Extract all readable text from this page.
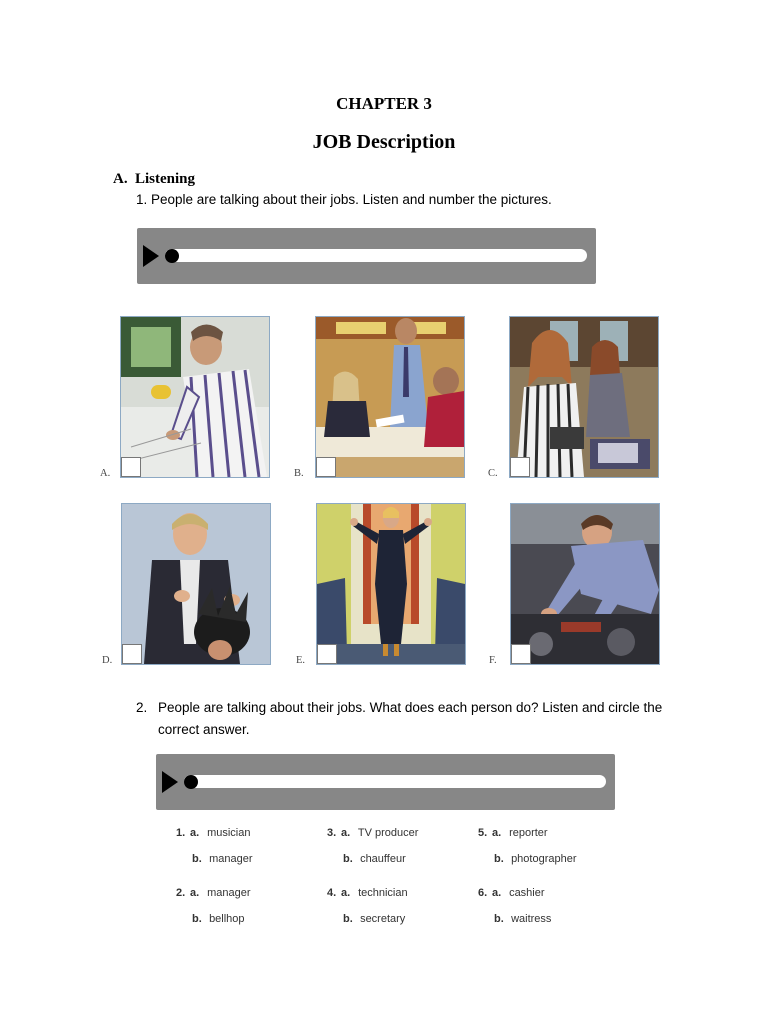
CHAPTER 3
JOB Description
A. Listening
1. People are talking about their jobs. Listen and number the pictures.
A.	B.	C.
D.	E.	F.
2. People are talking about their jobs. What does each person do? Listen and circle the correct answer.
1. a. musician
b. manager
2. a. manager
b. bellhop
3. a. TV producer
b. chauffeur
4. a. technician
b. secretary
5. a. reporter
b. photographer
6. a. cashier
b. waitress
